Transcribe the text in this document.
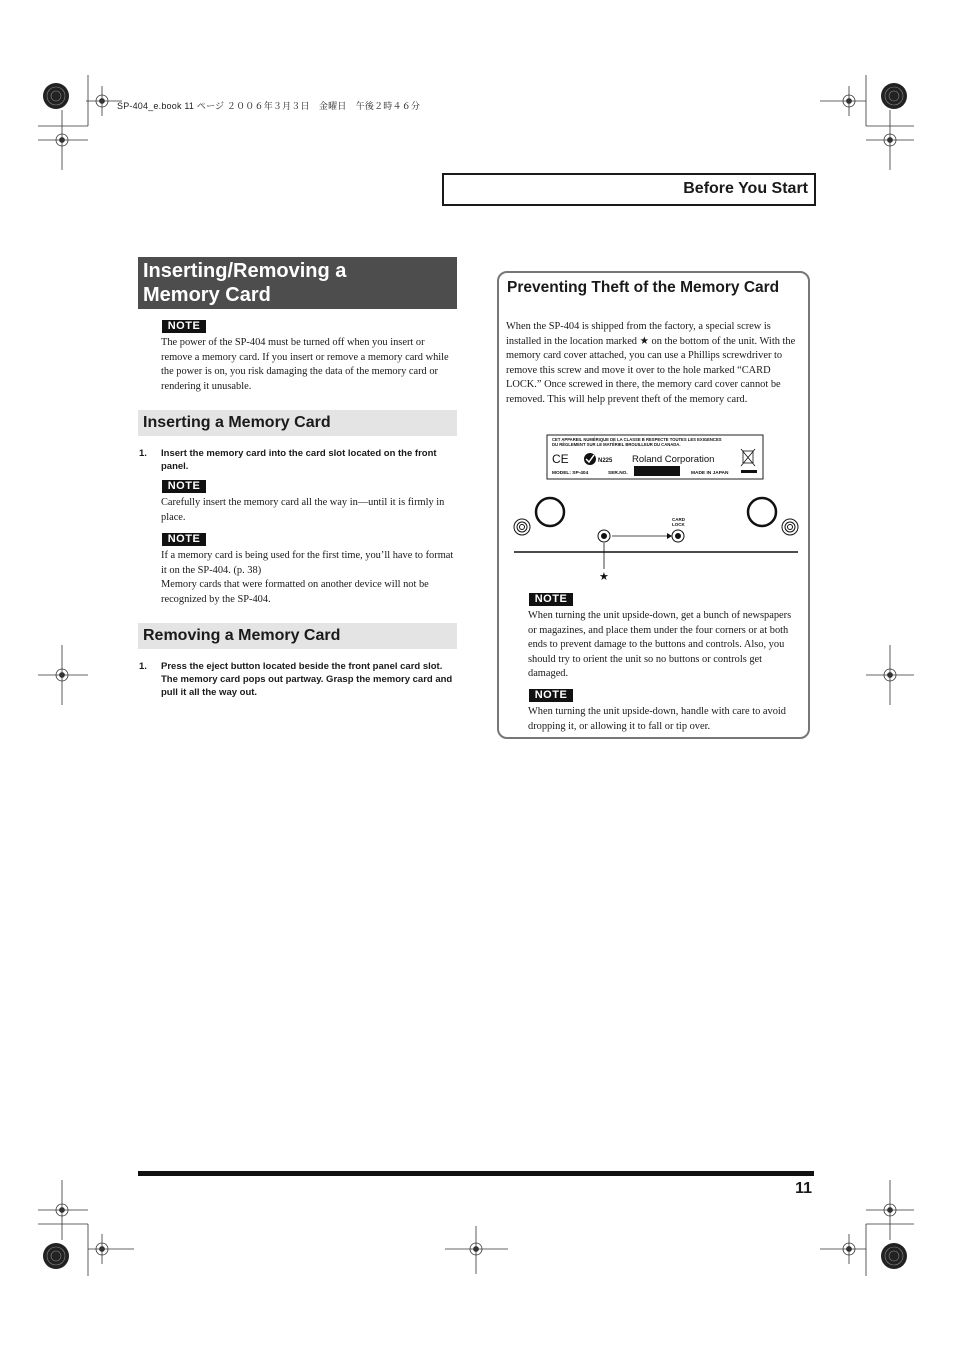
SP-404_e.book 11 ページ ２００６年３月３日　金曜日　午後２時４６分
Before You Start
Inserting/Removing a
Memory Card
NOTE
The power of the SP-404 must be turned off when you insert or remove a memory card. If you insert or remove a memory card while the power is on, you risk damaging the data of the memory card or rendering it unusable.
Inserting a Memory Card
1. Insert the memory card into the card slot located on the front panel.
NOTE
Carefully insert the memory card all the way in—until it is firmly in place.
NOTE
If a memory card is being used for the first time, you’ll have to format it on the SP-404. (p. 38)
Memory cards that were formatted on another device will not be recognized by the SP-404.
Removing a Memory Card
1. Press the eject button located beside the front panel card slot. The memory card pops out partway. Grasp the memory card and pull it all the way out.
Preventing Theft of the Memory Card
When the SP-404 is shipped from the factory, a special screw is installed in the location marked ★ on the bottom of the unit. With the memory card cover attached, you can use a Phillips screwdriver to remove this screw and move it over to the hole marked “CARD LOCK.” Once screwed in there, the memory card cover cannot be removed. This will help prevent theft of the memory card.
CET APPAREIL NUMÉRIQUE DE LA CLASSE B RESPECTE TOUTES LES EXIGENCES
DU RÈGLEMENT SUR LE MATÉRIEL BROUILLEUR DU CANADA.
CE	N225 Roland Corporation
MODEL: SP-404	SER.NO.	MADE IN JAPAN
CARD
LOCK
★
NOTE
When turning the unit upside-down, get a bunch of newspapers or magazines, and place them under the four corners or at both ends to prevent damage to the buttons and controls. Also, you should try to orient the unit so no buttons or controls get damaged.
NOTE
When turning the unit upside-down, handle with care to avoid dropping it, or allowing it to fall or tip over.
11
